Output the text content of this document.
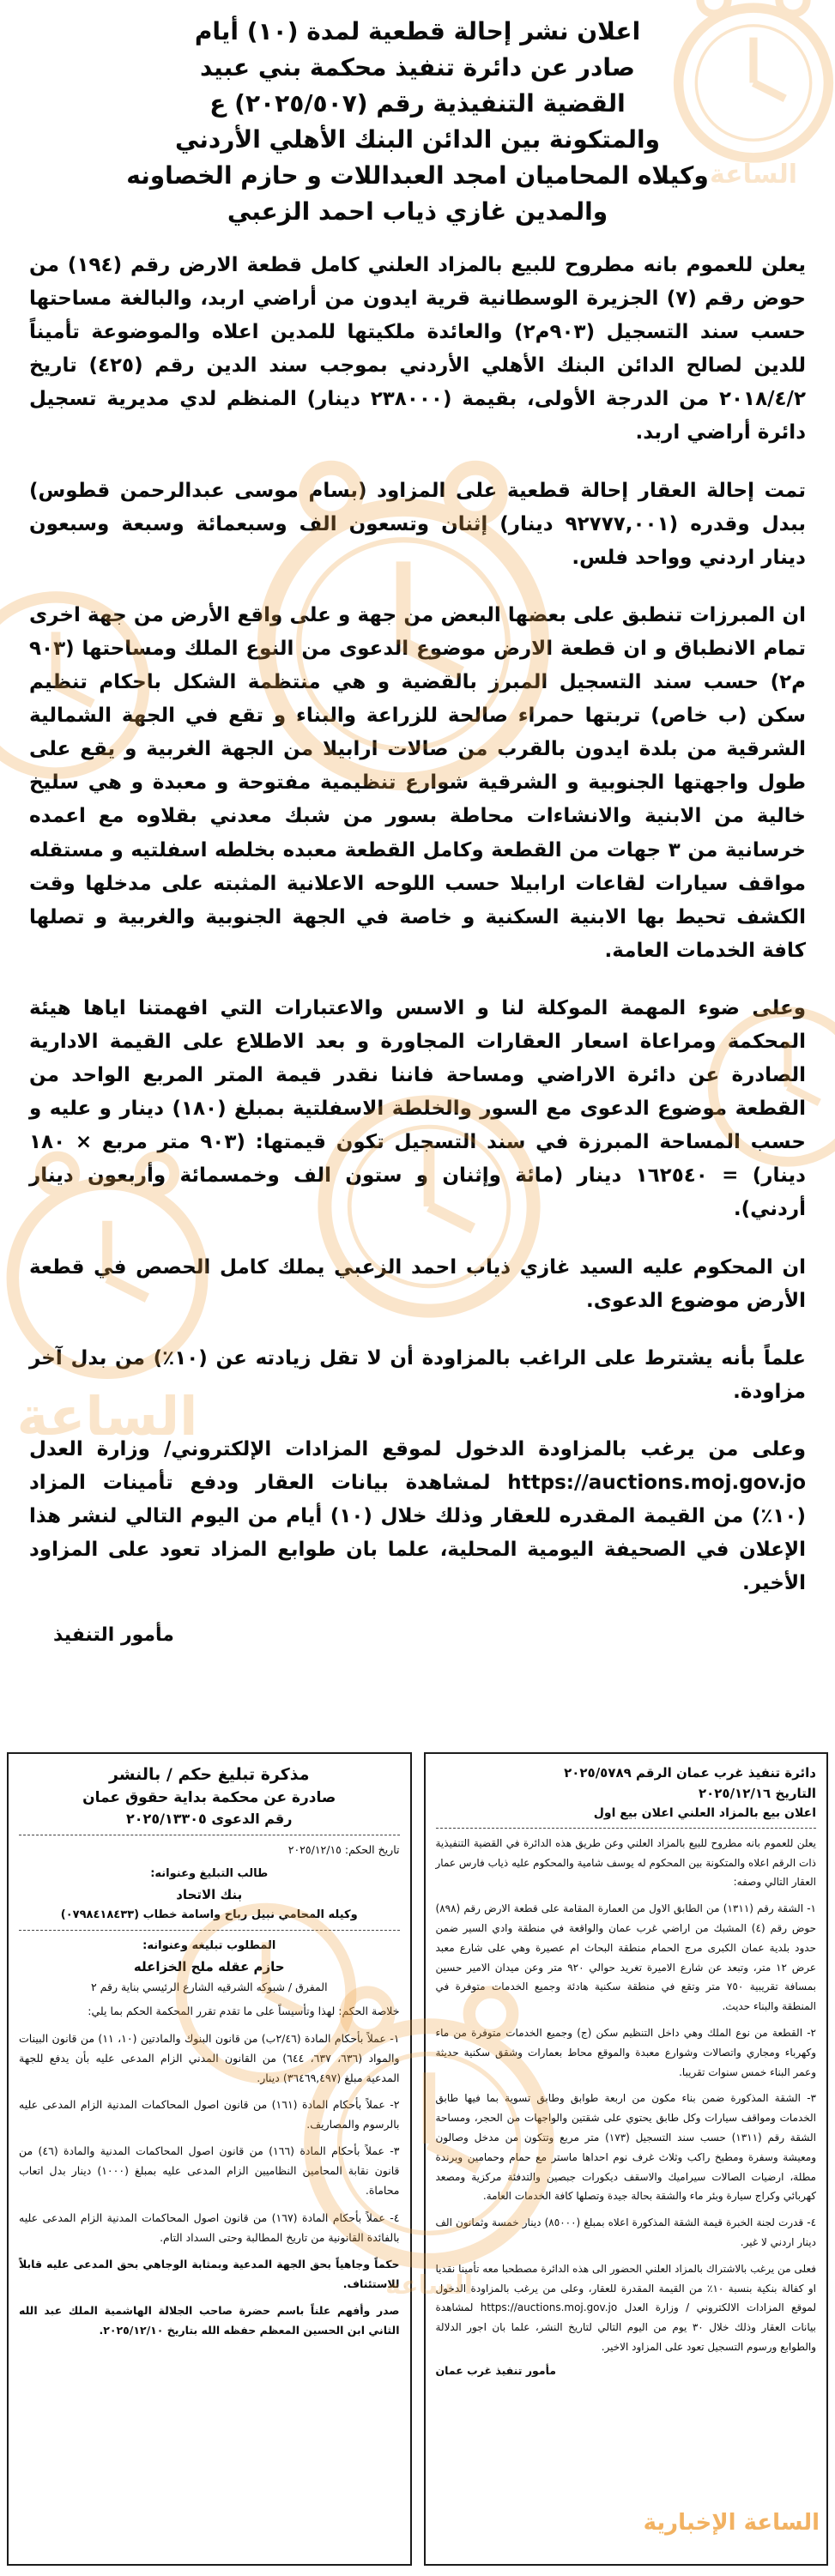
اعلان نشر إحالة قطعية لمدة (١٠) أيام
صادر عن دائرة تنفيذ محكمة بني عبيد
القضية التنفيذية رقم (٢٠٢٥/٥٠٧) ع
والمتكونة بين الدائن البنك الأهلي الأردني
وكيلاه المحاميان امجد العبداللات و حازم الخصاونه
والمدين غازي ذياب احمد الزعبي

يعلن للعموم بانه مطروح للبيع بالمزاد العلني كامل قطعة الارض رقم (١٩٤) من حوض رقم (٧) الجزيرة الوسطانية قرية ايدون من أراضي اربد، والبالغة مساحتها حسب سند التسجيل (٩٠٣م٢) والعائدة ملكيتها للمدين اعلاه والموضوعة تأميناً للدين لصالح الدائن البنك الأهلي الأردني بموجب سند الدين رقم (٤٢٥) تاريخ ٢٠١٨/٤/٢ من الدرجة الأولى، بقيمة (٢٣٨٠٠٠ دينار) المنظم لدي مديرية تسجيل دائرة أراضي اربد.

تمت إحالة العقار إحالة قطعية على المزاود (بسام موسى عبدالرحمن قطوس) ببدل وقدره (٩٢٧٧٧,٠٠١ دينار) إثنان وتسعون الف وسبعمائة وسبعة وسبعون دينار اردني وواحد فلس.

ان المبرزات تنطبق على بعضها البعض من جهة و على واقع الأرض من جهة اخرى تمام الانطباق و ان قطعة الارض موضوع الدعوى من النوع الملك ومساحتها (٩٠٣ م٢) حسب سند التسجيل المبرز بالقضية و هي منتظمة الشكل باحكام تنظيم سكن (ب خاص) تربتها حمراء صالحة للزراعة والبناء و تقع في الجهة الشمالية الشرقية من بلدة ايدون بالقرب من صالات ارابيلا من الجهة الغربية و يقع على طول واجهتها الجنوبية و الشرقية شوارع تنظيمية مفتوحة و معبدة و هي سليخ خالية من الابنية والانشاءات محاطة بسور من شبك معدني بقلاوه مع اعمده خرسانية من ٣ جهات من القطعة وكامل القطعة معبده بخلطه اسفلتيه و مستقله مواقف سيارات لقاعات ارابيلا حسب اللوحه الاعلانية المثبته على مدخلها وقت الكشف تحيط بها الابنية السكنية و خاصة في الجهة الجنوبية والغربية و تصلها كافة الخدمات العامة.

وعلى ضوء المهمة الموكلة لنا و الاسس والاعتبارات التي افهمتنا اياها هيئة المحكمة ومراعاة اسعار العقارات المجاورة و بعد الاطلاع على القيمة الادارية الصادرة عن دائرة الاراضي ومساحة فاننا نقدر قيمة المتر المربع الواحد من القطعة موضوع الدعوى مع السور والخلطة الاسفلتية بمبلغ (١٨٠) دينار و عليه و حسب المساحة المبرزة في سند التسجيل تكون قيمتها: (٩٠٣ متر مربع × ١٨٠ دينار) = ١٦٢٥٤٠ دينار (مائة وإثنان و ستون الف وخمسمائة وأربعون دينار أردني).

ان المحكوم عليه السيد غازي ذياب احمد الزعبي يملك كامل الحصص في قطعة الأرض موضوع الدعوى.

علماً بأنه يشترط على الراغب بالمزاودة أن لا تقل زيادته عن (١٠٪) من بدل آخر مزاودة.

وعلى من يرغب بالمزاودة الدخول لموقع المزادات الإلكتروني/ وزارة العدل https://auctions.moj.gov.jo لمشاهدة بيانات العقار ودفع تأمينات المزاد (١٠٪) من القيمة المقدره للعقار وذلك خلال (١٠) أيام من اليوم التالي لنشر هذا الإعلان في الصحيفة اليومية المحلية، علما بان طوابع المزاد تعود على المزاود الأخير.

مأمور التنفيذ
دائرة تنفيذ غرب عمان الرقم ٢٠٢٥/٥٧٨٩
التاريخ ٢٠٢٥/١٢/١٦
اعلان بيع بالمزاد العلني اعلان بيع اول

يعلن للعموم بانه مطروح للبيع بالمزاد العلني وعن طريق هذه الدائرة في القضية التنفيذية ذات الرقم اعلاه والمتكونة بين المحكوم له يوسف شامية والمحكوم عليه ذياب فارس عمار العقار التالي وصفه:

١- الشقة رقم (١٣١١) من الطابق الاول من العمارة المقامة على قطعة الارض رقم (٨٩٨) حوض رقم (٤) المشبك من اراضي غرب عمان والواقعة في منطقة وادي السير ضمن حدود بلدية عمان الكبرى مرج الحمام منطقة البحاث ام عصيرة وهي على شارع معبد عرض ١٢ متر، وتبعد عن شارع الاميرة تغريد حوالي ٩٢٠ متر وعن ميدان الامير حسين بمسافة تقريبية ٧٥٠ متر وتقع في منطقة سكنية هادئة وجميع الخدمات متوفرة في المنطقة والبناء حديث.

٢- القطعة من نوع الملك وهي داخل التنظيم سكن (ج) وجميع الخدمات متوفرة من ماء وكهرباء ومجاري واتصالات وشوارع معبدة والموقع محاط بعمارات وشقق سكنية حديثة وعمر البناء خمس سنوات تقريبا.

٣- الشقة المذكورة ضمن بناء مكون من اربعة طوابق وطابق تسوية بما فيها طابق الخدمات ومواقف سيارات وكل طابق يحتوي على شقتين والواجهات من الحجر، ومساحة الشقة رقم (١٣١١) حسب سند التسجيل (١٧٣) متر مربع وتتكون من مدخل وصالون ومعيشة وسفرة ومطبخ راكب وثلاث غرف نوم احداها ماستر مع حمام وحمامين وبرندة مطلة، ارضيات الصالات سيراميك والاسقف ديكورات جبصين والتدفئة مركزية ومصعد كهربائي وكراج سيارة وبئر ماء والشقة بحالة جيدة وتصلها كافة الخدمات العامة.

٤- قدرت لجنة الخبرة قيمة الشقة المذكورة اعلاه بمبلغ (٨٥٠٠٠) دينار خمسة وثمانون الف دينار اردني لا غير.

فعلى من يرغب بالاشتراك بالمزاد العلني الحضور الى هذه الدائرة مصطحبا معه تأمينا نقديا او كفالة بنكية بنسبة ١٠٪ من القيمة المقدرة للعقار، وعلى من يرغب بالمزاودة الدخول لموقع المزادات الالكتروني / وزارة العدل https://auctions.moj.gov.jo لمشاهدة بيانات العقار وذلك خلال ٣٠ يوم من اليوم التالي لتاريخ النشر، علما بان اجور الدلالة والطوابع ورسوم التسجيل تعود على المزاود الاخير.

مأمور تنفيذ غرب عمان
مذكرة تبليغ حكم / بالنشر
صادرة عن محكمة بداية حقوق عمان
رقم الدعوى ٢٠٢٥/١٣٣٠٥
تاريخ الحكم: ٢٠٢٥/١٢/١٥
طالب التبليغ وعنوانه:
بنك الاتحاد
وكيله المحامي نبيل رباح واسامة خطاب (٠٧٩٨٤١٨٤٣٣)
المطلوب تبليغه وعنوانه:
حازم عقله ملح الخزاعله
المفرق / شبوكه الشرقيه الشارع الرئيسي بناية رقم ٢

خلاصة الحكم: لهذا وتأسيساً على ما تقدم تقرر المحكمة الحكم بما يلي:

١- عملاً بأحكام المادة (٢/٤٦ب) من قانون البنوك والمادتين (١٠، ١١) من قانون البينات والمواد (٦٣٦، ٦٣٧، ٦٤٤) من القانون المدني الزام المدعى عليه بأن يدفع للجهة المدعية مبلغ (٣٦٤٦٩,٤٩٧) دينار.

٢- عملاً بأحكام المادة (١٦١) من قانون اصول المحاكمات المدنية الزام المدعى عليه بالرسوم والمصاريف.

٣- عملاً بأحكام المادة (١٦٦) من قانون اصول المحاكمات المدنية والمادة (٤٦) من قانون نقابة المحامين النظاميين الزام المدعى عليه بمبلغ (١٠٠٠) دينار بدل اتعاب محاماة.

٤- عملاً بأحكام المادة (١٦٧) من قانون اصول المحاكمات المدنية الزام المدعى عليه بالفائدة القانونية من تاريخ المطالبة وحتى السداد التام.

حكماً وجاهياً بحق الجهة المدعية وبمثابة الوجاهي بحق المدعى عليه قابلاً للاستئناف.

صدر وأفهم علناً باسم حضرة صاحب الجلالة الهاشمية الملك عبد الله الثاني ابن الحسين المعظم حفظه الله بتاريخ ٢٠٢٥/١٢/١٠.

الساعة
الساعة
الساعة
الساعة الإخبارية
